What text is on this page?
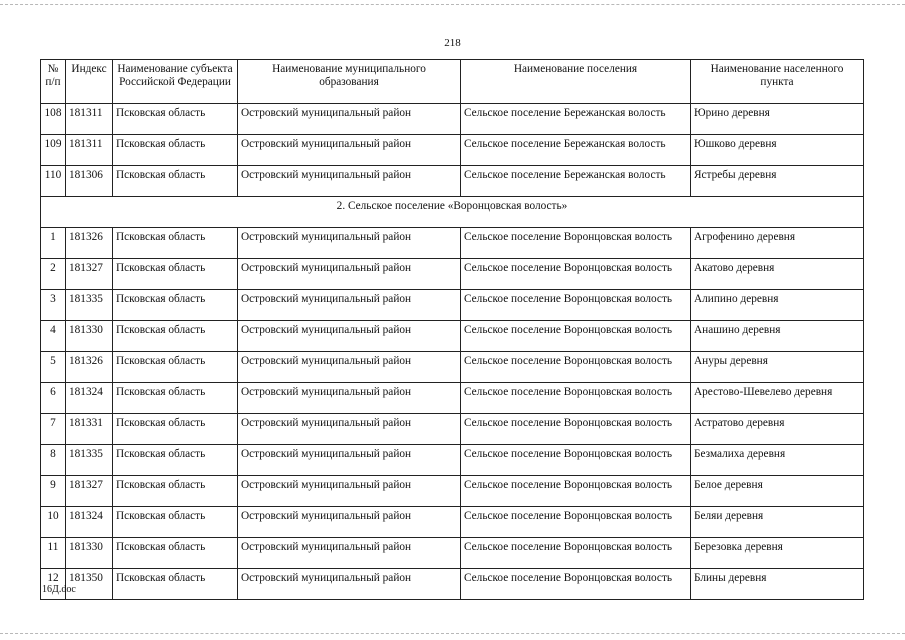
218
№ п/п	Индекс	Наименование субъекта Российской Федерации	Наименование муниципального образования	Наименование поселения	Наименование населенного пункта
108	181311	Псковская область	Островский муниципальный район	Сельское поселение Бережанская волость	Юрино деревня
109	181311	Псковская область	Островский муниципальный район	Сельское поселение Бережанская волость	Юшково деревня
110	181306	Псковская область	Островский муниципальный район	Сельское поселение Бережанская волость	Ястребы деревня
2. Сельское поселение «Воронцовская волость»					
1	181326	Псковская область	Островский муниципальный район	Сельское поселение Воронцовская волость	Агрофенино деревня
2	181327	Псковская область	Островский муниципальный район	Сельское поселение Воронцовская волость	Акатово деревня
3	181335	Псковская область	Островский муниципальный район	Сельское поселение Воронцовская волость	Алипино деревня
4	181330	Псковская область	Островский муниципальный район	Сельское поселение Воронцовская волость	Анашино деревня
5	181326	Псковская область	Островский муниципальный район	Сельское поселение Воронцовская волость	Ануры деревня
6	181324	Псковская область	Островский муниципальный район	Сельское поселение Воронцовская волость	Арестово-Шевелево деревня
7	181331	Псковская область	Островский муниципальный район	Сельское поселение Воронцовская волость	Астратово деревня
8	181335	Псковская область	Островский муниципальный район	Сельское поселение Воронцовская волость	Безмалиха деревня
9	181327	Псковская область	Островский муниципальный район	Сельское поселение Воронцовская волость	Белое деревня
10	181324	Псковская область	Островский муниципальный район	Сельское поселение Воронцовская волость	Беляи деревня
11	181330	Псковская область	Островский муниципальный район	Сельское поселение Воронцовская волость	Березовка деревня
12	181350	Псковская область	Островский муниципальный район	Сельское поселение Воронцовская волость	Блины деревня
16Д.doc
